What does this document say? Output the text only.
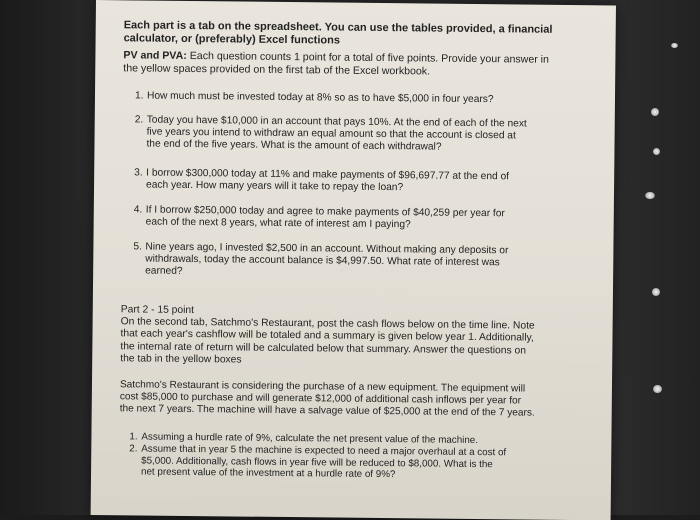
Each part is a tab on the spreadsheet. You can use the tables provided, a financial
calculator, or (preferably) Excel functions
PV and PVA: Each question counts 1 point for a total of five points. Provide your answer in
the yellow spaces provided on the first tab of the Excel workbook.
1. How much must be invested today at 8% so as to have $5,000 in four years?
2. Today you have $10,000 in an account that pays 10%. At the end of each of the next
five years you intend to withdraw an equal amount so that the account is closed at
the end of the five years. What is the amount of each withdrawal?
3. I borrow $300,000 today at 11% and make payments of $96,697.77 at the end of
each year. How many years will it take to repay the loan?
4. If I borrow $250,000 today and agree to make payments of $40,259 per year for
each of the next 8 years, what rate of interest am I paying?
5. Nine years ago, I invested $2,500 in an account. Without making any deposits or
withdrawals, today the account balance is $4,997.50. What rate of interest was
earned?
Part 2 - 15 point
On the second tab, Satchmo's Restaurant, post the cash flows below on the time line. Note
that each year's cashflow will be totaled and a summary is given below year 1. Additionally,
the internal rate of return will be calculated below that summary. Answer the questions on
the tab in the yellow boxes
Satchmo's Restaurant is considering the purchase of a new equipment. The equipment will
cost $85,000 to purchase and will generate $12,000 of additional cash inflows per year for
the next 7 years. The machine will have a salvage value of $25,000 at the end of the 7 years.
1. Assuming a hurdle rate of 9%, calculate the net present value of the machine.
2. Assume that in year 5 the machine is expected to need a major overhaul at a cost of
$5,000. Additionally, cash flows in year five will be reduced to $8,000. What is the
net present value of the investment at a hurdle rate of 9%?
